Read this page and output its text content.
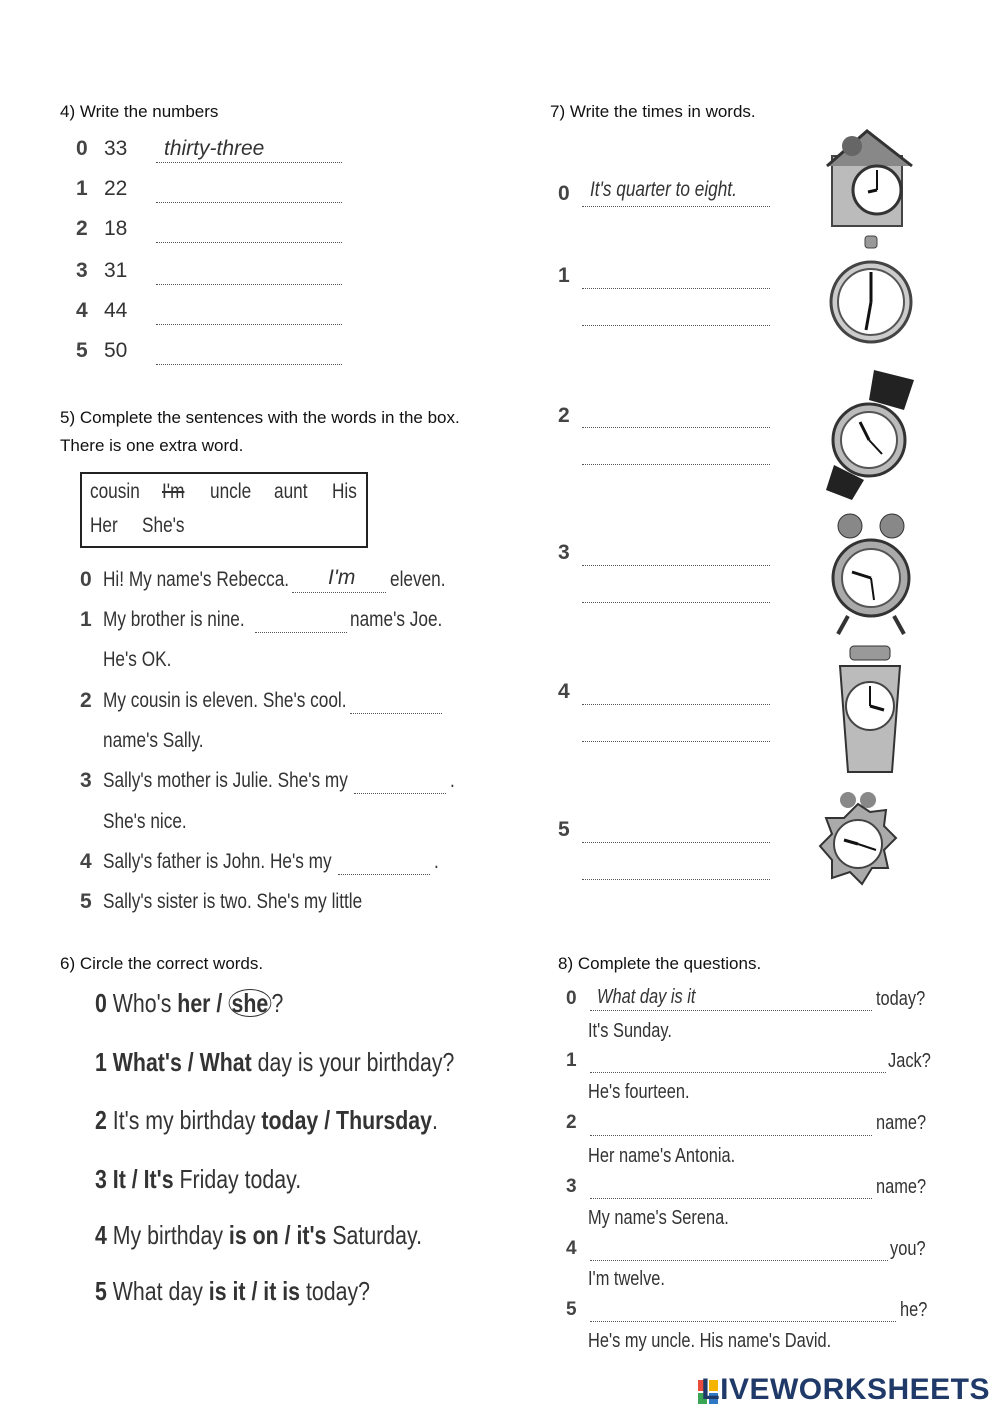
4) Write the numbers
0 33 thirty-three
1 22
2 18
3 31
4 44
5 50
5) Complete the sentences with the words in the box.
There is one extra word.
cousin I'm uncle aunt His
Her She's
0 Hi! My name's Rebecca. I'm eleven.
1 My brother is nine.	name's Joe.
He's OK.
2 My cousin is eleven. She's cool.
name's Sally.
3 Sally's mother is Julie. She's my	.
She's nice.
4 Sally's father is John. He's my	.
5 Sally's sister is two. She's my little
6) Circle the correct words.
0 Who's her / she ?
1 What's / What day is your birthday?
2 It's my birthday today / Thursday.
3 It / It's Friday today.
4 My birthday is on / it's Saturday.
5 What day is it / it is today?
7) Write the times in words.
0 It's quarter to eight.
1
2
3
4
5
8) Complete the questions.
0 What day is it	today?
It's Sunday.
1	Jack?
He's fourteen.
2	name?
Her name's Antonia.
3	name?
My name's Serena.
4	you?
I'm twelve.
5	he?
He's my uncle. His name's David.
LIVEWORKSHEETS
